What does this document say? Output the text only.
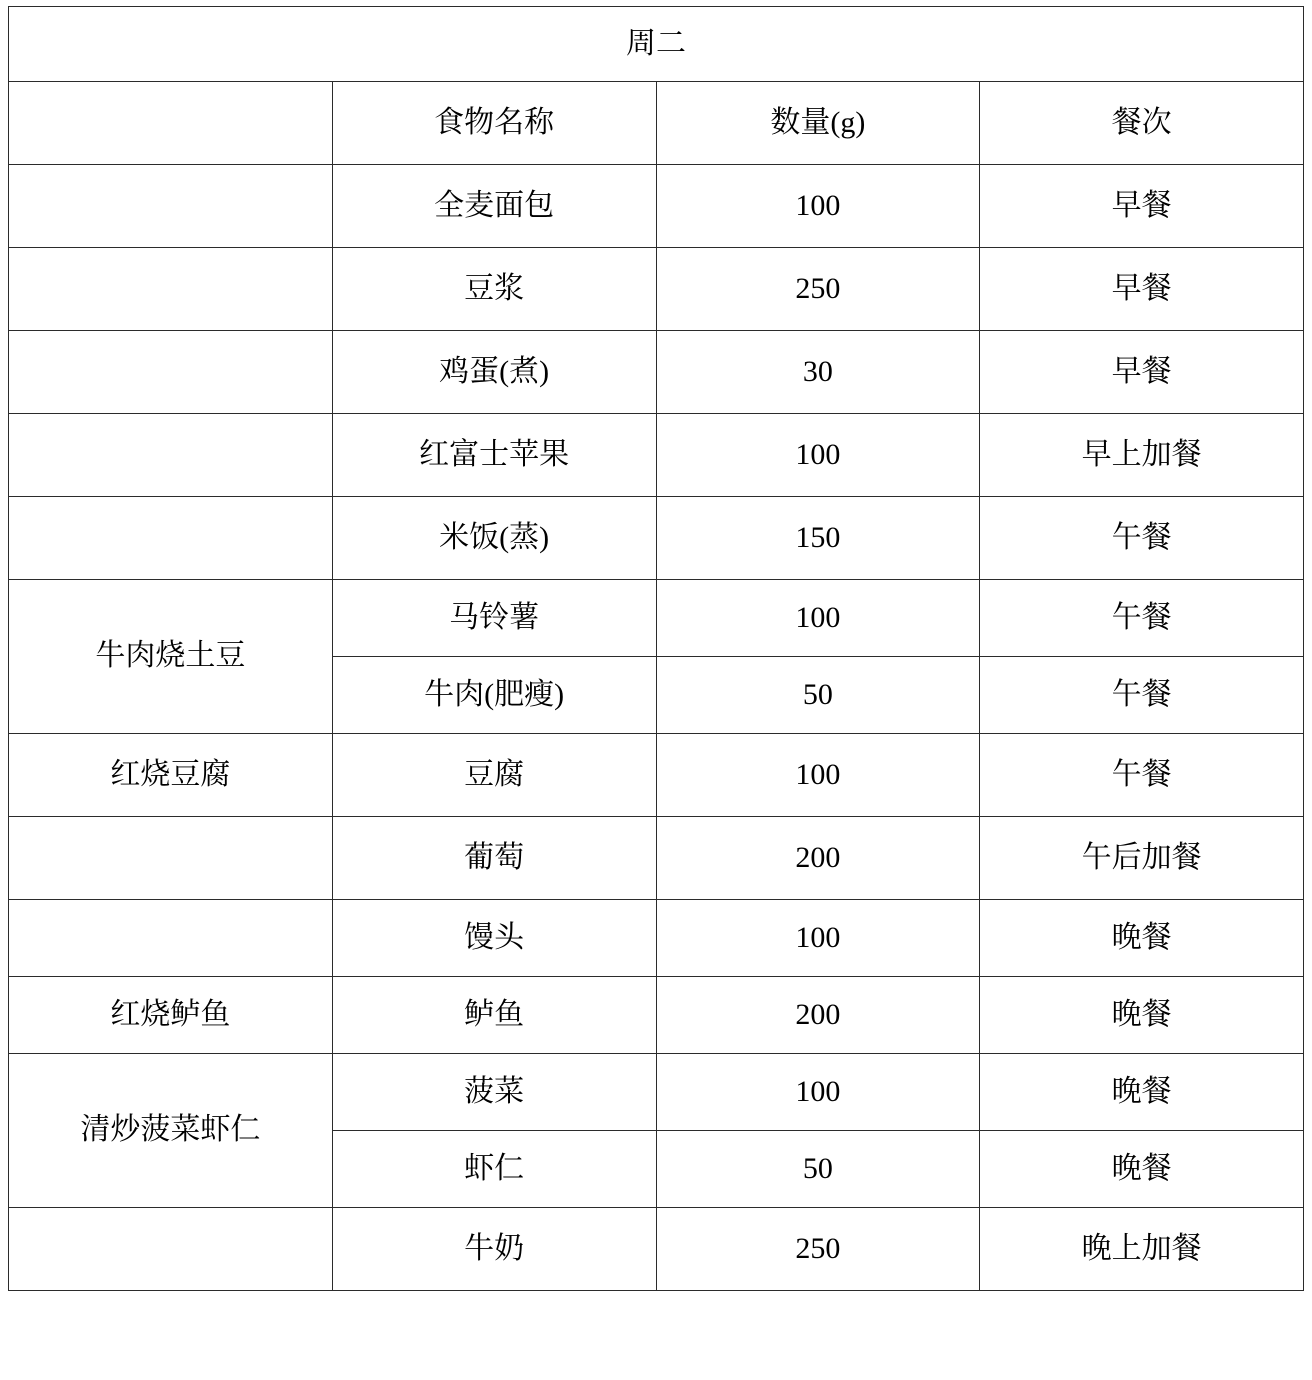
周二			
	食物名称	数量(g)	餐次
	全麦面包	100	早餐
	豆浆	250	早餐
	鸡蛋(煮)	30	早餐
	红富士苹果	100	早上加餐
	米饭(蒸)	150	午餐
牛肉烧土豆	马铃薯	100	午餐
	牛肉(肥瘦)	50	午餐
红烧豆腐	豆腐	100	午餐
	葡萄	200	午后加餐
	馒头	100	晚餐
红烧鲈鱼	鲈鱼	200	晚餐
清炒菠菜虾仁	菠菜	100	晚餐
	虾仁	50	晚餐
	牛奶	250	晚上加餐
